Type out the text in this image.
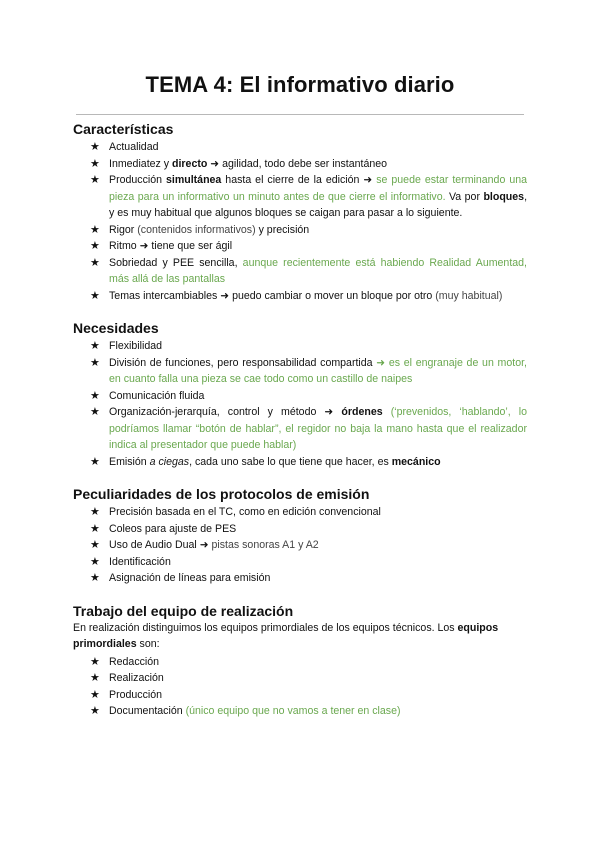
TEMA 4: El informativo diario
Características
★ Actualidad
★ Inmediatez y directo ➜ agilidad, todo debe ser instantáneo
★ Producción simultánea hasta el cierre de la edición ➜ se puede estar terminando una pieza para un informativo un minuto antes de que cierre el informativo. Va por bloques, y es muy habitual que algunos bloques se caigan para pasar a lo siguiente.
★ Rigor (contenidos informativos) y precisión
★ Ritmo ➜ tiene que ser ágil
★ Sobriedad y PEE sencilla, aunque recientemente está habiendo Realidad Aumentad, más allá de las pantallas
★ Temas intercambiables ➜ puedo cambiar o mover un bloque por otro (muy habitual)
Necesidades
★ Flexibilidad
★ División de funciones, pero responsabilidad compartida ➜ es el engranaje de un motor, en cuanto falla una pieza se cae todo como un castillo de naipes
★ Comunicación fluida
★ Organización-jerarquía, control y método ➜ órdenes (‘prevenidos, ‘hablando’, lo podríamos llamar “botón de hablar”, el regidor no baja la mano hasta que el realizador indica al presentador que puede hablar)
★ Emisión a ciegas, cada uno sabe lo que tiene que hacer, es mecánico
Peculiaridades de los protocolos de emisión
★ Precisión basada en el TC, como en edición convencional
★ Coleos para ajuste de PES
★ Uso de Audio Dual ➜ pistas sonoras A1 y A2
★ Identificación
★ Asignación de líneas para emisión
Trabajo del equipo de realización

En realización distinguimos los equipos primordiales de los equipos técnicos. Los equipos primordiales son:

★ Redacción
★ Realización
★ Producción
★ Documentación (único equipo que no vamos a tener en clase)
